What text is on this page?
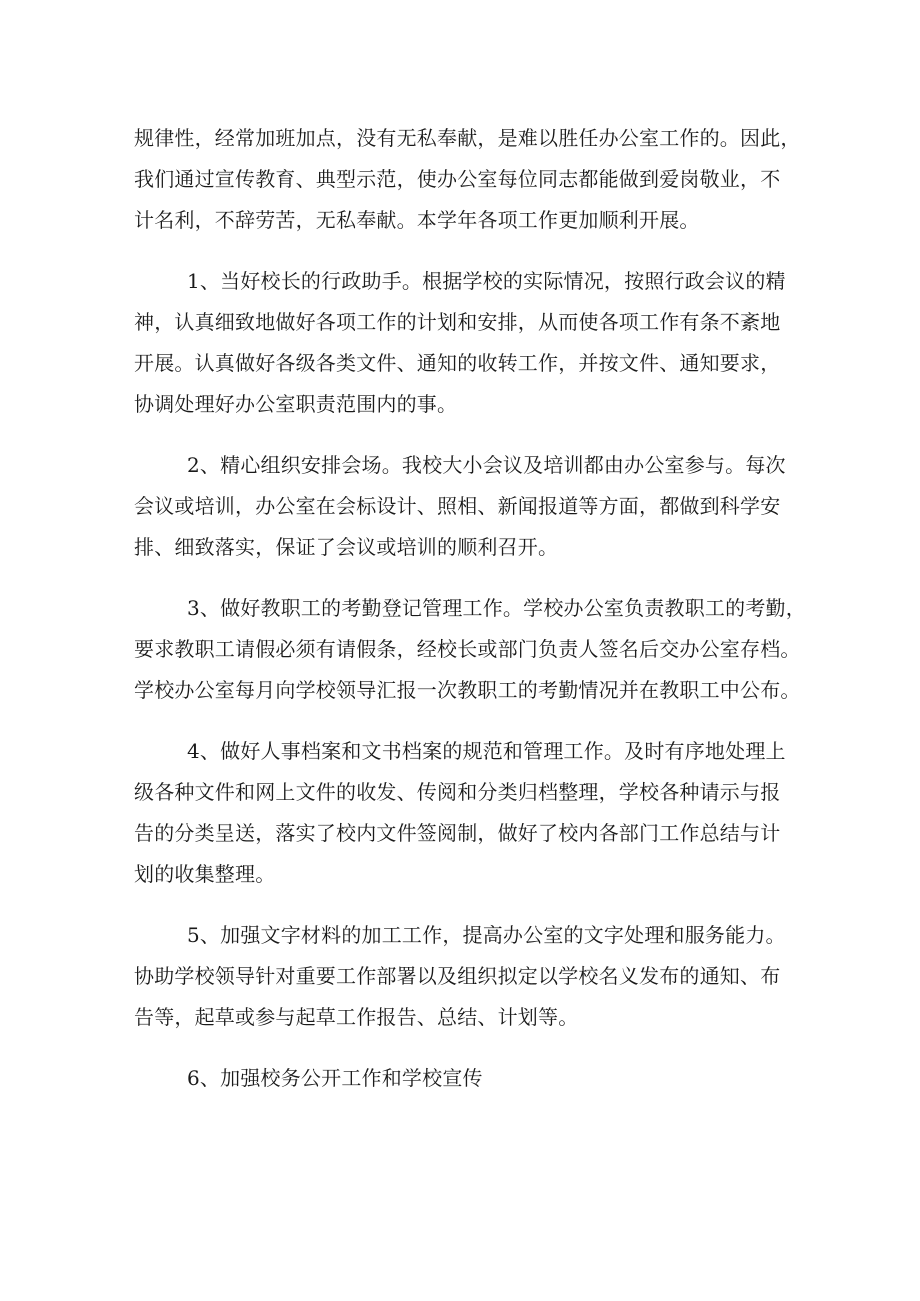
规律性，经常加班加点，没有无私奉献，是难以胜任办公室工作的。因此，
我们通过宣传教育、典型示范，使办公室每位同志都能做到爱岗敬业，不
计名利，不辞劳苦，无私奉献。本学年各项工作更加顺利开展。

1、当好校长的行政助手。根据学校的实际情况，按照行政会议的精
神，认真细致地做好各项工作的计划和安排，从而使各项工作有条不紊地
开展。认真做好各级各类文件、通知的收转工作，并按文件、通知要求，
协调处理好办公室职责范围内的事。

2、精心组织安排会场。我校大小会议及培训都由办公室参与。每次
会议或培训，办公室在会标设计、照相、新闻报道等方面，都做到科学安
排、细致落实，保证了会议或培训的顺利召开。

3、做好教职工的考勤登记管理工作。学校办公室负责教职工的考勤，
要求教职工请假必须有请假条，经校长或部门负责人签名后交办公室存档。
学校办公室每月向学校领导汇报一次教职工的考勤情况并在教职工中公布。

4、做好人事档案和文书档案的规范和管理工作。及时有序地处理上
级各种文件和网上文件的收发、传阅和分类归档整理，学校各种请示与报
告的分类呈送，落实了校内文件签阅制，做好了校内各部门工作总结与计
划的收集整理。

5、加强文字材料的加工工作，提高办公室的文字处理和服务能力。
协助学校领导针对重要工作部署以及组织拟定以学校名义发布的通知、布
告等，起草或参与起草工作报告、总结、计划等。

6、加强校务公开工作和学校宣传
